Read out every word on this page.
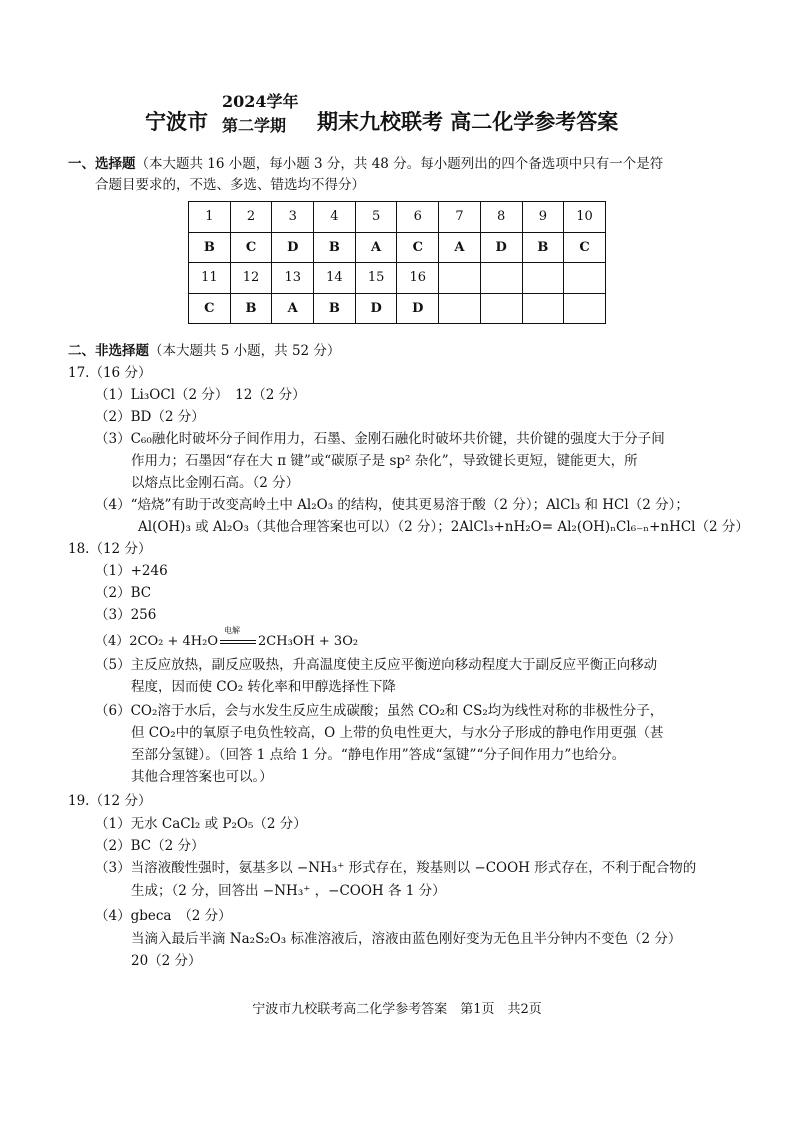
宁波市
2024学年
第二学期	期末九校联考 高二化学参考答案
一、选择题（本大题共 16 小题，每小题 3 分，共 48 分。每小题列出的四个备选项中只有一个是符
合题目要求的，不选、多选、错选均不得分）
1	2	3	4	5	6	7	8	9	10
B	C	D	B	A	C	A	D	B	C
11	12	13	14	15	16				
C	B	A	B	D	D				
二、非选择题（本大题共 5 小题，共 52 分）
17.（16 分）
（1）Li₃OCl（2 分）　12（2 分）
（2）BD（2 分）
（3）C₆₀融化时破坏分子间作用力，石墨、金刚石融化时破坏共价键，共价键的强度大于分子间
作用力；石墨因“存在大 π 键”或“碳原子是 sp² 杂化”，导致键长更短，键能更大，所
以熔点比金刚石高。（2 分）
（4）“焙烧”有助于改变高岭土中 Al₂O₃ 的结构，使其更易溶于酸（2 分）；AlCl₃ 和 HCl（2 分）；
Al(OH)₃ 或 Al₂O₃（其他合理答案也可以）（2 分）；2AlCl₃+nH₂O= Al₂(OH)ₙCl₆₋ₙ+nHCl（2 分）
18.（12 分）
（1）+246
（2）BC
（3）256
（4）2CO₂ + 4H₂O
电解
2CH₃OH + 3O₂
（5）主反应放热，副反应吸热，升高温度使主反应平衡逆向移动程度大于副反应平衡正向移动
程度，因而使 CO₂ 转化率和甲醇选择性下降
（6）CO₂溶于水后，会与水发生反应生成碳酸；虽然 CO₂和 CS₂均为线性对称的非极性分子，
但 CO₂中的氧原子电负性较高，O 上带的负电性更大，与水分子形成的静电作用更强（甚
至部分氢键）。（回答 1 点给 1 分。“静电作用”答成“氢键”“分子间作用力”也给分。
其他合理答案也可以。）
19.（12 分）
（1）无水 CaCl₂ 或 P₂O₅（2 分）
（2）BC（2 分）
（3）当溶液酸性强时，氨基多以 −NH₃⁺ 形式存在，羧基则以 −COOH 形式存在，不利于配合物的
生成；（2 分，回答出 −NH₃⁺ ，−COOH 各 1 分）
（4）gbeca　（2 分）
当滴入最后半滴 Na₂S₂O₃ 标准溶液后，溶液由蓝色刚好变为无色且半分钟内不变色（2 分）
20（2 分）
宁波市九校联考高二化学参考答案　第1页　共2页
